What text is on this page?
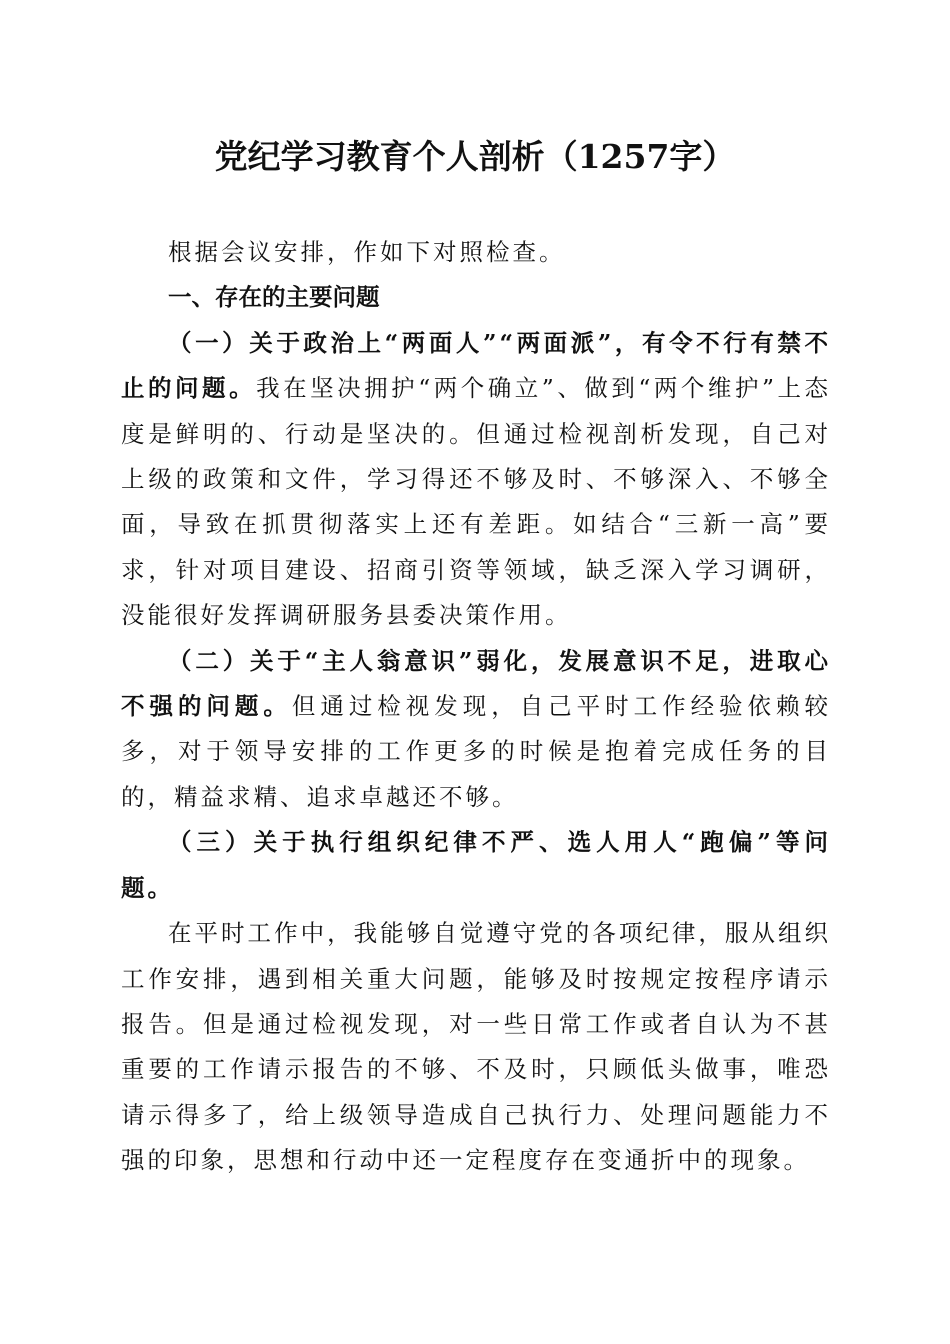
党纪学习教育个人剖析（1257字）

根据会议安排，作如下对照检查。

一、存在的主要问题

（一）关于政治上“两面人”“两面派”，有令不行有禁不止的问题。我在坚决拥护“两个确立”、做到“两个维护”上态度是鲜明的、行动是坚决的。但通过检视剖析发现，自己对上级的政策和文件，学习得还不够及时、不够深入、不够全面，导致在抓贯彻落实上还有差距。如结合“三新一高”要求，针对项目建设、招商引资等领域，缺乏深入学习调研，没能很好发挥调研服务县委决策作用。

（二）关于“主人翁意识”弱化，发展意识不足，进取心不强的问题。但通过检视发现，自己平时工作经验依赖较多，对于领导安排的工作更多的时候是抱着完成任务的目的，精益求精、追求卓越还不够。

（三）关于执行组织纪律不严、选人用人“跑偏”等问题。

在平时工作中，我能够自觉遵守党的各项纪律，服从组织工作安排，遇到相关重大问题，能够及时按规定按程序请示报告。但是通过检视发现，对一些日常工作或者自认为不甚重要的工作请示报告的不够、不及时，只顾低头做事，唯恐请示得多了，给上级领导造成自己执行力、处理问题能力不强的印象，思想和行动中还一定程度存在变通折中的现象。
